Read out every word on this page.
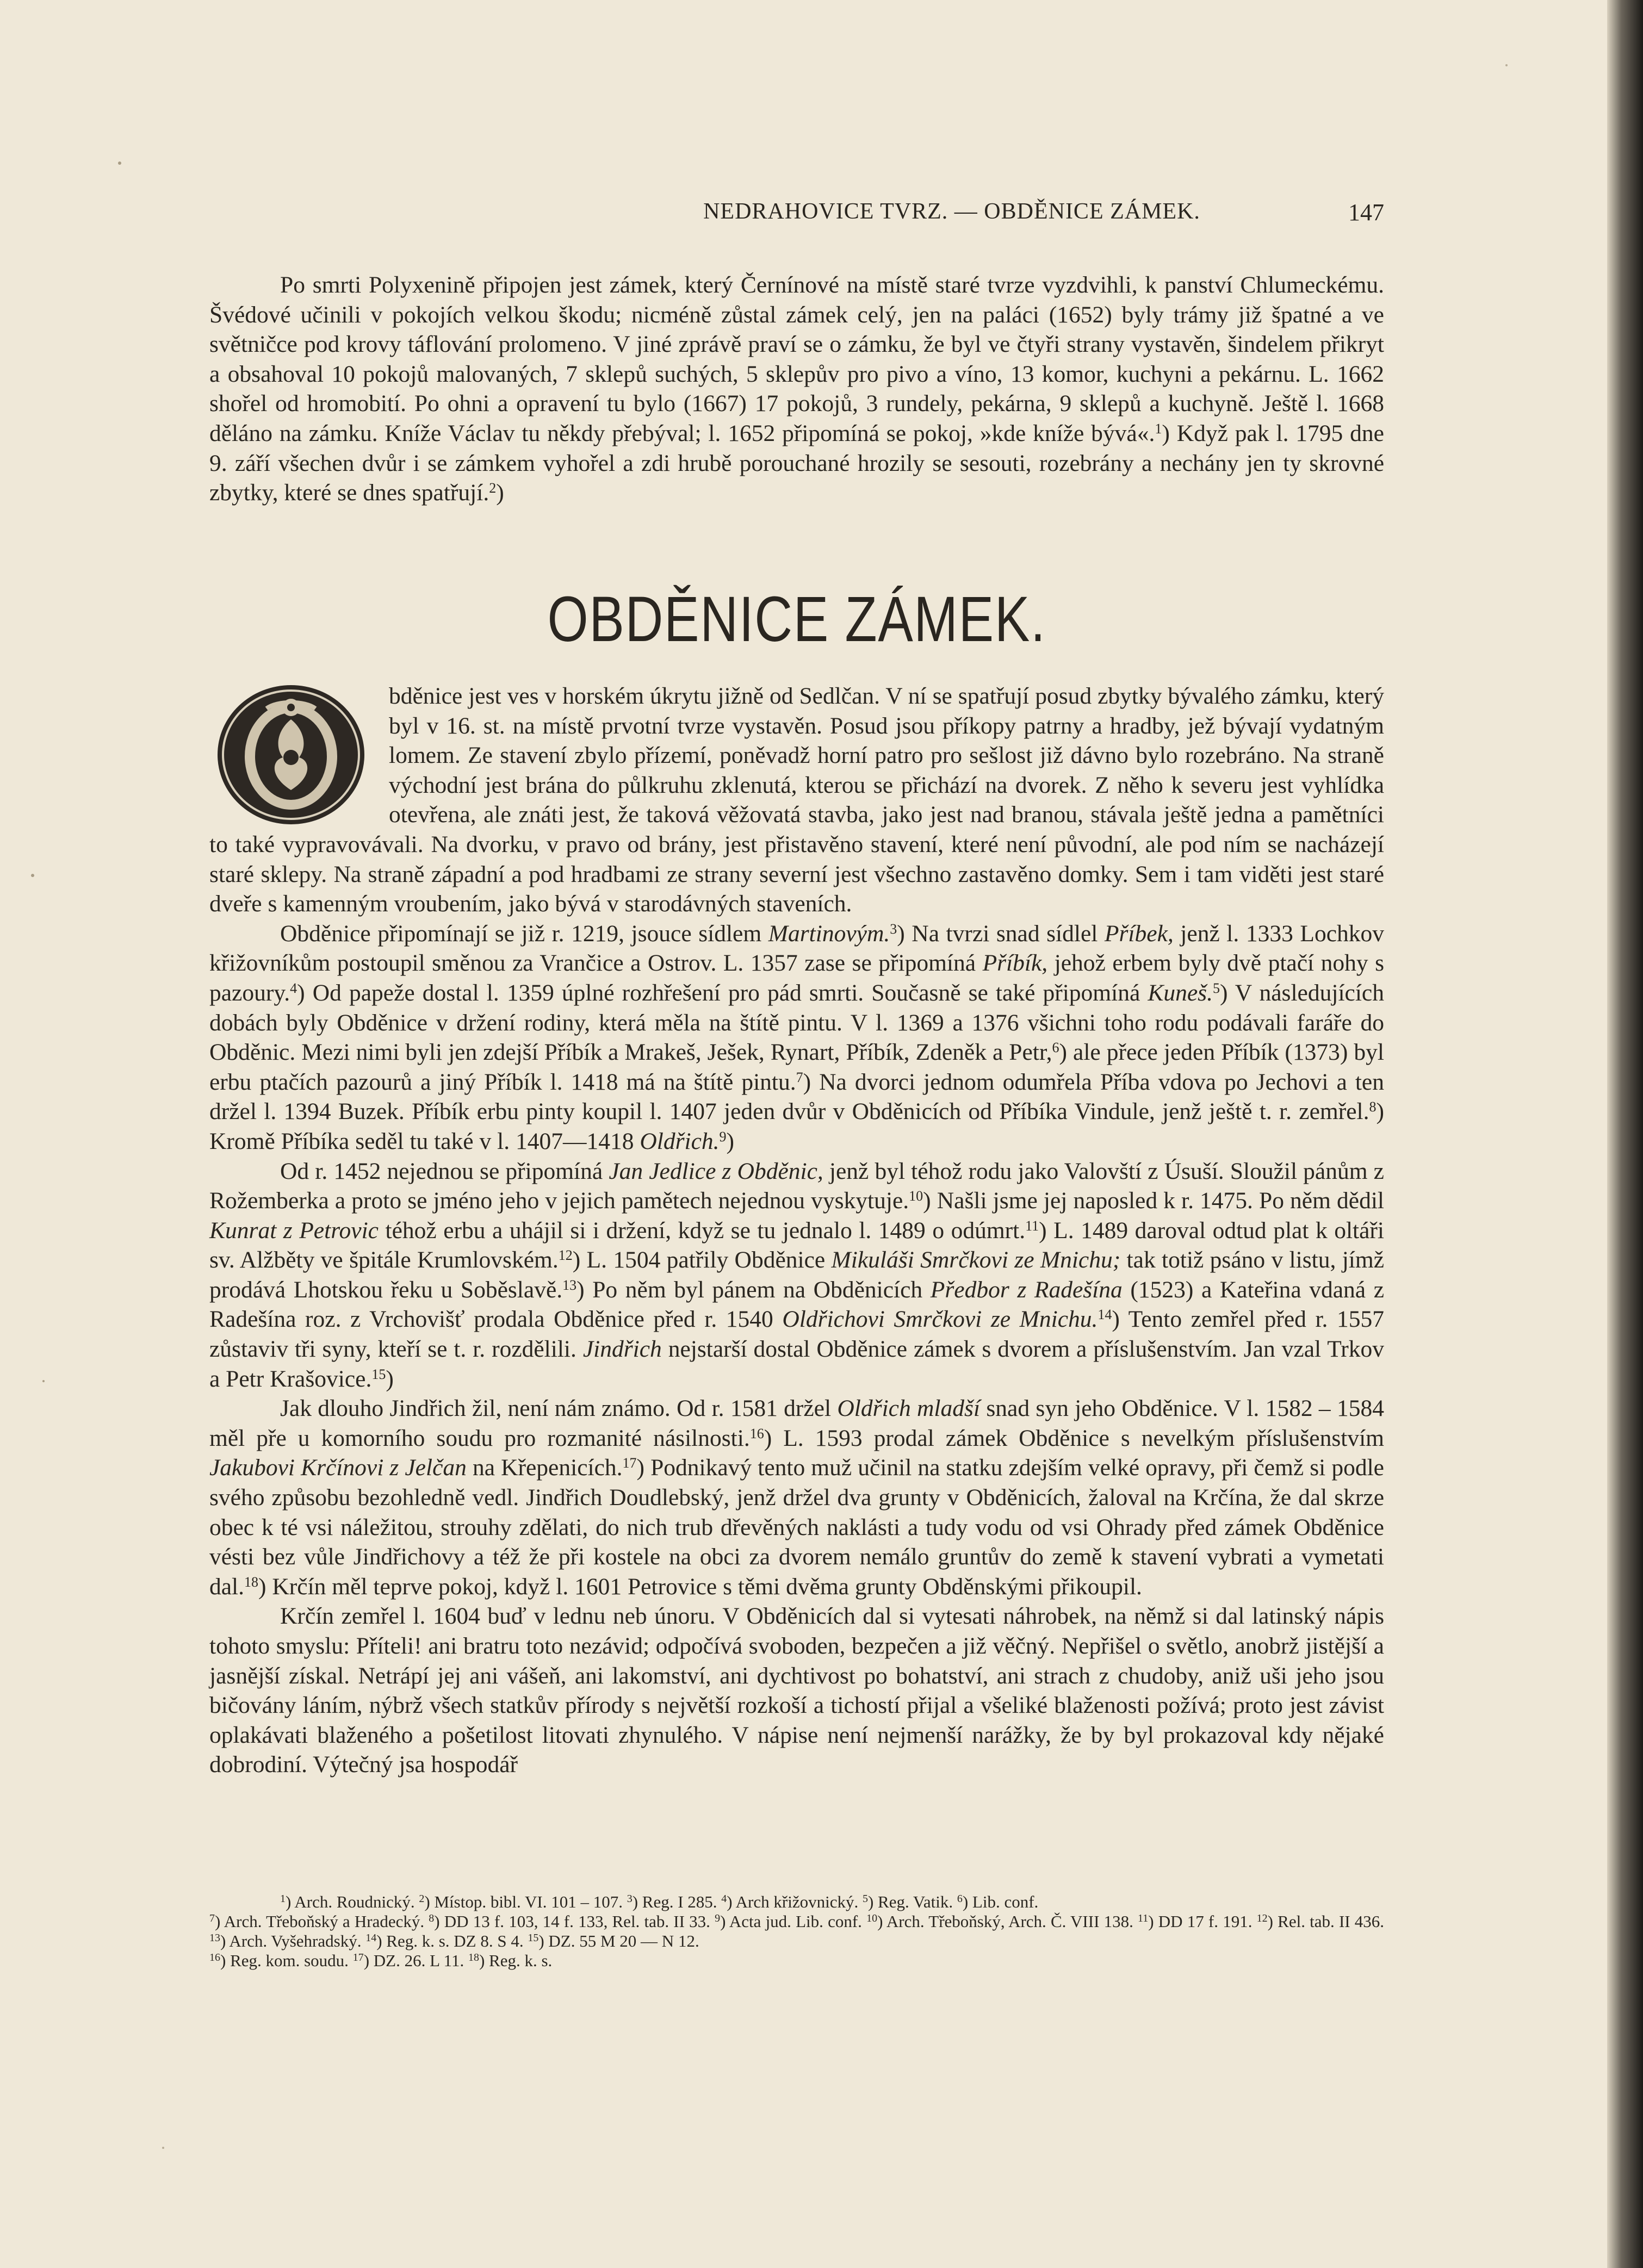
NEDRAHOVICE TVRZ. — OBDĚNICE ZÁMEK.	147

Po smrti Polyxenině připojen jest zámek, který Černínové na místě staré tvrze vyzdvihli, k panství Chlumeckému. Švédové učinili v pokojích velkou škodu; nicméně zůstal zámek celý, jen na paláci (1652) byly trámy již špatné a ve světničce pod krovy táflování prolomeno. V jiné zprávě praví se o zámku, že byl ve čtyři strany vystavěn, šindelem přikryt a obsahoval 10 pokojů malovaných, 7 sklepů suchých, 5 sklepův pro pivo a víno, 13 komor, kuchyni a pekárnu. L. 1662 shořel od hromobití. Po ohni a opravení tu bylo (1667) 17 pokojů, 3 rundely, pekárna, 9 sklepů a kuchyně. Ještě l. 1668 děláno na zámku. Kníže Václav tu někdy přebýval; l. 1652 připomíná se pokoj, »kde kníže bývá«.$^1$) Když pak l. 1795 dne 9. září všechen dvůr i se zámkem vyhořel a zdi hrubě porouchané hrozily se sesouti, rozebrány a nechány jen ty skrovné zbytky, které se dnes spatřují.$^2$)

OBDĚNICE ZÁMEK.

bděnice jest ves v horském úkrytu jižně od Sedlčan. V ní se spatřují posud zbytky bývalého zámku, který byl v 16. st. na místě prvotní tvrze vystavěn. Posud jsou příkopy patrny a hradby, jež bývají vydatným lomem. Ze stavení zbylo přízemí, poněvadž horní patro pro sešlost již dávno bylo rozebráno. Na straně východní jest brána do půlkruhu zklenutá, kterou se přichází na dvorek. Z něho k severu jest vyhlídka otevřena, ale znáti jest, že taková věžovatá stavba, jako jest nad branou, stávala ještě jedna a pamětníci to také vypravovávali. Na dvorku, v pravo od brány, jest přistavěno stavení, které není původní, ale pod ním se nacházejí staré sklepy. Na straně západní a pod hradbami ze strany severní jest všechno zastavěno domky. Sem i tam viděti jest staré dveře s kamenným vroubením, jako bývá v starodávných staveních.

Obděnice připomínají se již r. 1219, jsouce sídlem Martinovým.$^3$) Na tvrzi snad sídlel Příbek, jenž l. 1333 Lochkov křižovníkům postoupil směnou za Vrančice a Ostrov. L. 1357 zase se připomíná Příbík, jehož erbem byly dvě ptačí nohy s pazoury.$^4$) Od papeže dostal l. 1359 úplné rozhřešení pro pád smrti. Současně se také připomíná Kuneš.$^5$) V následujících dobách byly Obděnice v držení rodiny, která měla na štítě pintu. V l. 1369 a 1376 všichni toho rodu podávali faráře do Obděnic. Mezi nimi byli jen zdejší Příbík a Mrakeš, Ješek, Rynart, Příbík, Zdeněk a Petr,$^6$) ale přece jeden Příbík (1373) byl erbu ptačích pazourů a jiný Příbík l. 1418 má na štítě pintu.$^7$) Na dvorci jednom odumřela Příba vdova po Jechovi a ten držel l. 1394 Buzek. Příbík erbu pinty koupil l. 1407 jeden dvůr v Obděnicích od Příbíka Vindule, jenž ještě t. r. zemřel.$^8$) Kromě Příbíka seděl tu také v l. 1407—1418 Oldřich.$^9$)

Od r. 1452 nejednou se připomíná Jan Jedlice z Obděnic, jenž byl téhož rodu jako Valovští z Úsuší. Sloužil pánům z Rožemberka a proto se jméno jeho v jejich pamětech nejednou vyskytuje.$^{10}$) Našli jsme jej naposled k r. 1475. Po něm dědil Kunrat z Petrovic téhož erbu a uhájil si i držení, když se tu jednalo l. 1489 o odúmrt.$^{11}$) L. 1489 daroval odtud plat k oltáři sv. Alžběty ve špitále Krumlovském.$^{12}$) L. 1504 patřily Obděnice Mikuláši Smrčkovi ze Mnichu; tak totiž psáno v listu, jímž prodává Lhotskou řeku u Soběslavě.$^{13}$) Po něm byl pánem na Obděnicích Předbor z Radešína (1523) a Kateřina vdaná z Radešína roz. z Vrchovišť prodala Obděnice před r. 1540 Oldřichovi Smrčkovi ze Mnichu.$^{14}$) Tento zemřel před r. 1557 zůstaviv tři syny, kteří se t. r. rozdělili. Jindřich nejstarší dostal Obděnice zámek s dvorem a příslušenstvím. Jan vzal Trkov a Petr Krašovice.$^{15}$)

Jak dlouho Jindřich žil, není nám známo. Od r. 1581 držel Oldřich mladší snad syn jeho Obděnice. V l. 1582 – 1584 měl pře u komorního soudu pro rozmanité násilnosti.$^{16}$) L. 1593 prodal zámek Obděnice s nevelkým příslušenstvím Jakubovi Krčínovi z Jelčan na Křepenicích.$^{17}$) Podnikavý tento muž učinil na statku zdejším velké opravy, při čemž si podle svého způsobu bezohledně vedl. Jindřich Doudlebský, jenž držel dva grunty v Obděnicích, žaloval na Krčína, že dal skrze obec k té vsi náležitou, strouhy zdělati, do nich trub dřevěných naklásti a tudy vodu od vsi Ohrady před zámek Obděnice vésti bez vůle Jindřichovy a též že při kostele na obci za dvorem nemálo gruntův do země k stavení vybrati a vymetati dal.$^{18}$) Krčín měl teprve pokoj, když l. 1601 Petrovice s těmi dvěma grunty Obděnskými přikoupil.

Krčín zemřel l. 1604 buď v lednu neb únoru. V Obděnicích dal si vytesati náhrobek, na němž si dal latinský nápis tohoto smyslu: Příteli! ani bratru toto nezávid; odpočívá svoboden, bezpečen a již věčný. Nepřišel o světlo, anobrž jistější a jasnější získal. Netrápí jej ani vášeň, ani lakomství, ani dychtivost po bohatství, ani strach z chudoby, aniž uši jeho jsou bičovány láním, nýbrž všech statkův přírody s největší rozkoší a tichostí přijal a všeliké blaženosti požívá; proto jest závist oplakávati blaženého a pošetilost litovati zhynulého. V nápise není nejmenší narážky, že by byl prokazoval kdy nějaké dobrodiní. Výtečný jsa hospodář

$^1$) Arch. Roudnický. $^2$) Místop. bibl. VI. 101 – 107. $^3$) Reg. I 285. $^4$) Arch křižovnický. $^5$) Reg. Vatik. $^6$) Lib. conf.

$^7$) Arch. Třeboňský a Hradecký. $^8$) DD 13 f. 103, 14 f. 133, Rel. tab. II 33. $^9$) Acta jud. Lib. conf. $^{10}$) Arch. Třeboňský, Arch. Č. VIII 138. $^{11}$) DD 17 f. 191. $^{12}$) Rel. tab. II 436. $^{13}$) Arch. Vyšehradský. $^{14}$) Reg. k. s. DZ 8. S 4. $^{15}$) DZ. 55 M 20 — N 12.

$^{16}$) Reg. kom. soudu. $^{17}$) DZ. 26. L 11. $^{18}$) Reg. k. s.
